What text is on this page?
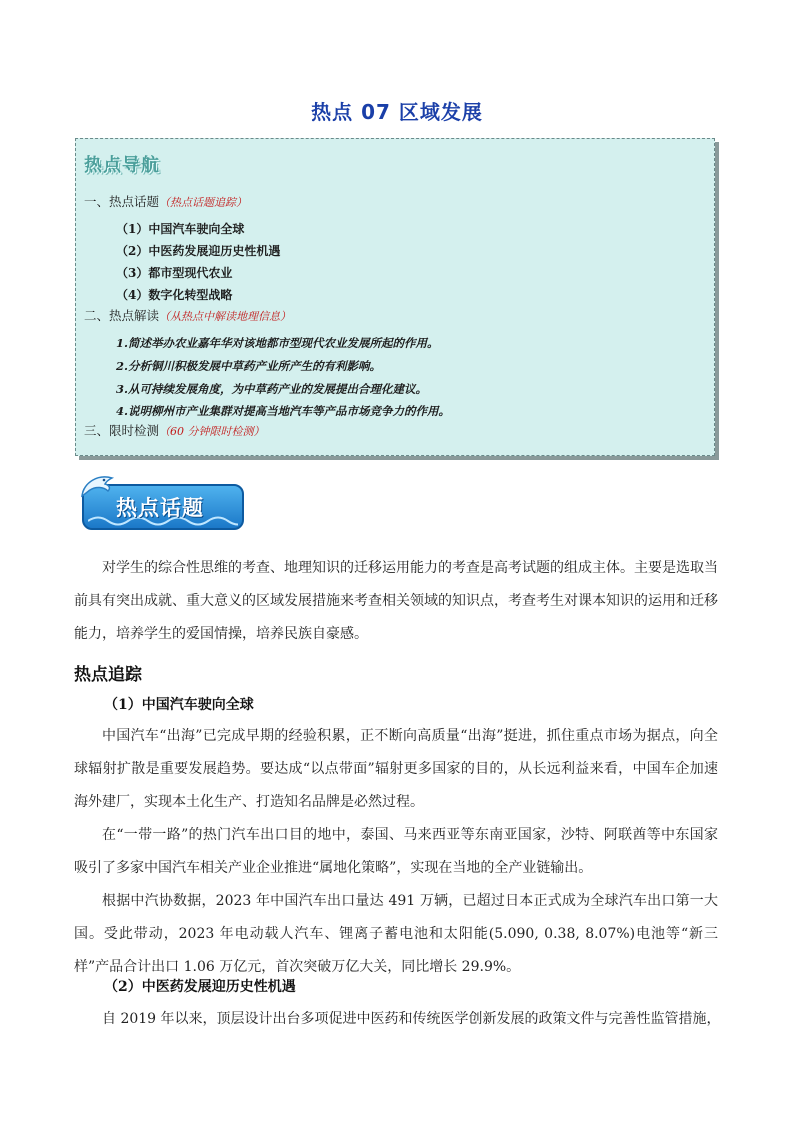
热点 07 区域发展
热点导航
一、热点话题（热点话题追踪）
（1）中国汽车驶向全球
（2）中医药发展迎历史性机遇
（3）都市型现代农业
（4）数字化转型战略
二、热点解读（从热点中解读地理信息）
1.简述举办农业嘉年华对该地都市型现代农业发展所起的作用。
2.分析铜川积极发展中草药产业所产生的有利影响。
3.从可持续发展角度，为中草药产业的发展提出合理化建议。
4.说明柳州市产业集群对提高当地汽车等产品市场竞争力的作用。
三、限时检测（60 分钟限时检测）
热点话题

对学生的综合性思维的考查、地理知识的迁移运用能力的考查是高考试题的组成主体。主要是选取当前具有突出成就、重大意义的区域发展措施来考查相关领域的知识点，考查考生对课本知识的运用和迁移能力，培养学生的爱国情操，培养民族自豪感。

热点追踪
（1）中国汽车驶向全球

中国汽车“出海”已完成早期的经验积累，正不断向高质量“出海”挺进，抓住重点市场为据点，向全球辐射扩散是重要发展趋势。要达成“以点带面”辐射更多国家的目的，从长远利益来看，中国车企加速海外建厂，实现本土化生产、打造知名品牌是必然过程。

在“一带一路”的热门汽车出口目的地中，泰国、马来西亚等东南亚国家，沙特、阿联酋等中东国家吸引了多家中国汽车相关产业企业推进“属地化策略”，实现在当地的全产业链输出。

根据中汽协数据，2023 年中国汽车出口量达 491 万辆，已超过日本正式成为全球汽车出口第一大国。受此带动，2023 年电动载人汽车、锂离子蓄电池和太阳能(5.090, 0.38, 8.07%)电池等“新三样”产品合计出口 1.06 万亿元，首次突破万亿大关，同比增长 29.9%。

（2）中医药发展迎历史性机遇
自 2019 年以来，顶层设计出台多项促进中医药和传统医学创新发展的政策文件与完善性监管措施，
